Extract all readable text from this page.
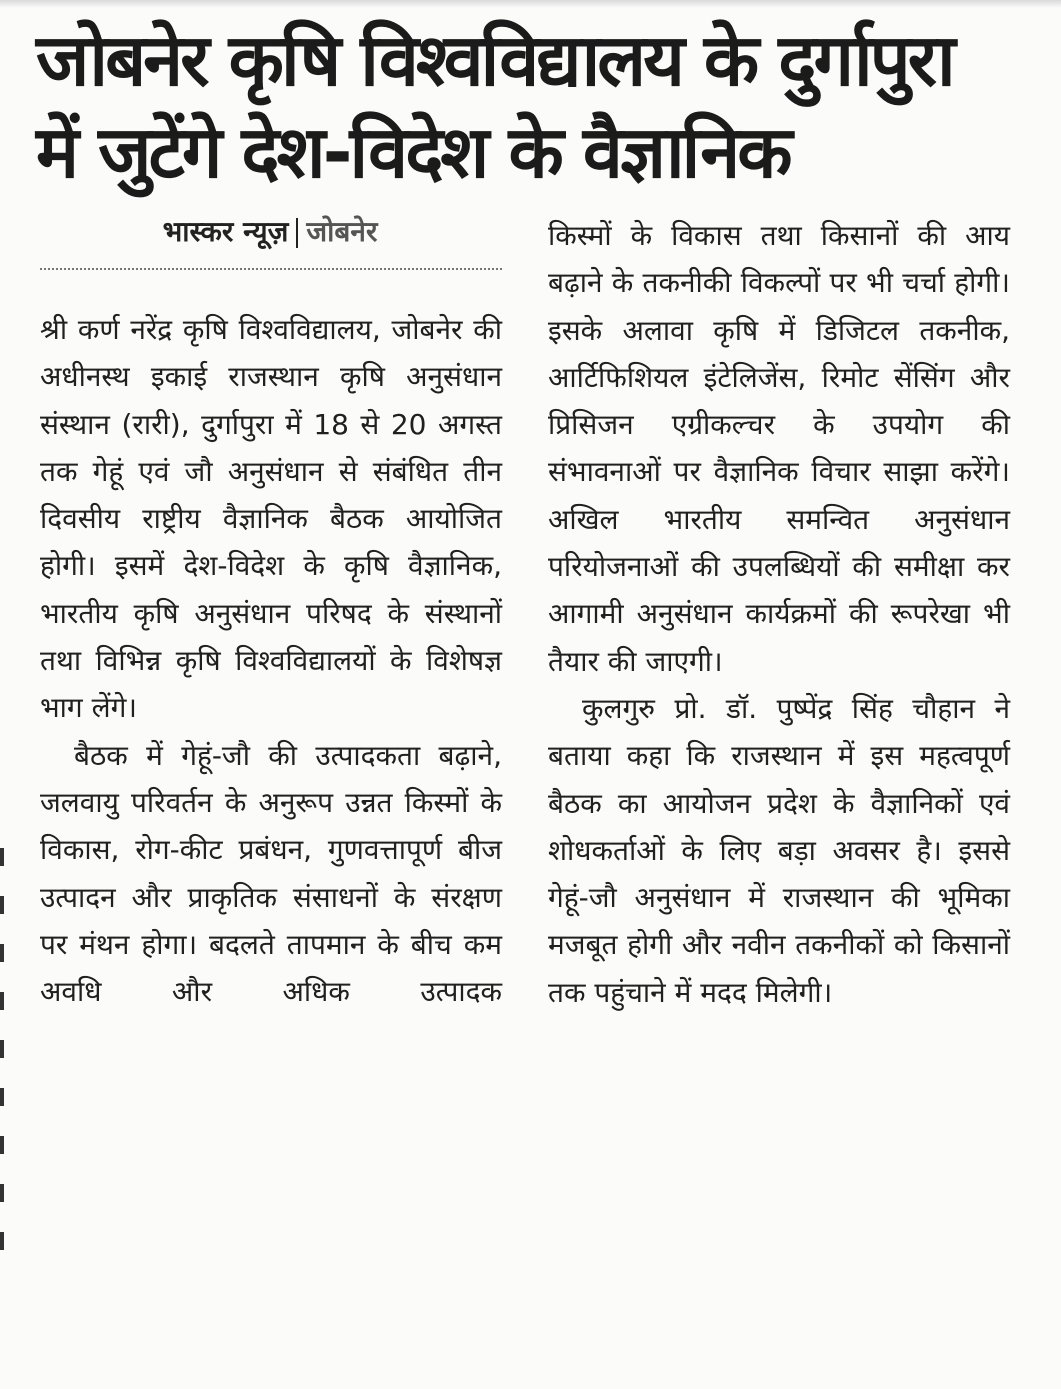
जोबनेर कृषि विश्वविद्यालय के दुर्गापुरा
में जुटेंगे देश-विदेश के वैज्ञानिक
भास्कर न्यूज़ जोबनेर

श्री कर्ण नरेंद्र कृषि विश्वविद्यालय, जोबनेर की अधीनस्थ इकाई राजस्थान कृषि अनुसंधान संस्थान (रारी), दुर्गापुरा में 18 से 20 अगस्त तक गेहूं एवं जौ अनुसंधान से संबंधित तीन दिवसीय राष्ट्रीय वैज्ञानिक बैठक आयोजित होगी। इसमें देश-विदेश के कृषि वैज्ञानिक, भारतीय कृषि अनुसंधान परिषद के संस्थानों तथा विभिन्न कृषि विश्वविद्यालयों के विशेषज्ञ भाग लेंगे।

बैठक में गेहूं-जौ की उत्पादकता बढ़ाने, जलवायु परिवर्तन के अनुरूप उन्नत किस्मों के विकास, रोग-कीट प्रबंधन, गुणवत्तापूर्ण बीज उत्पादन और प्राकृतिक संसाधनों के संरक्षण पर मंथन होगा। बदलते तापमान के बीच कम अवधि और अधिक उत्पादक

किस्मों के विकास तथा किसानों की आय बढ़ाने के तकनीकी विकल्पों पर भी चर्चा होगी। इसके अलावा कृषि में डिजिटल तकनीक, आर्टिफिशियल इंटेलिजेंस, रिमोट सेंसिंग और प्रिसिजन एग्रीकल्चर के उपयोग की संभावनाओं पर वैज्ञानिक विचार साझा करेंगे। अखिल भारतीय समन्वित अनुसंधान परियोजनाओं की उपलब्धियों की समीक्षा कर आगामी अनुसंधान कार्यक्रमों की रूपरेखा भी तैयार की जाएगी।

कुलगुरु प्रो. डॉ. पुष्पेंद्र सिंह चौहान ने बताया कहा कि राजस्थान में इस महत्वपूर्ण बैठक का आयोजन प्रदेश के वैज्ञानिकों एवं शोधकर्ताओं के लिए बड़ा अवसर है। इससे गेहूं-जौ अनुसंधान में राजस्थान की भूमिका मजबूत होगी और नवीन तकनीकों को किसानों तक पहुंचाने में मदद मिलेगी।
